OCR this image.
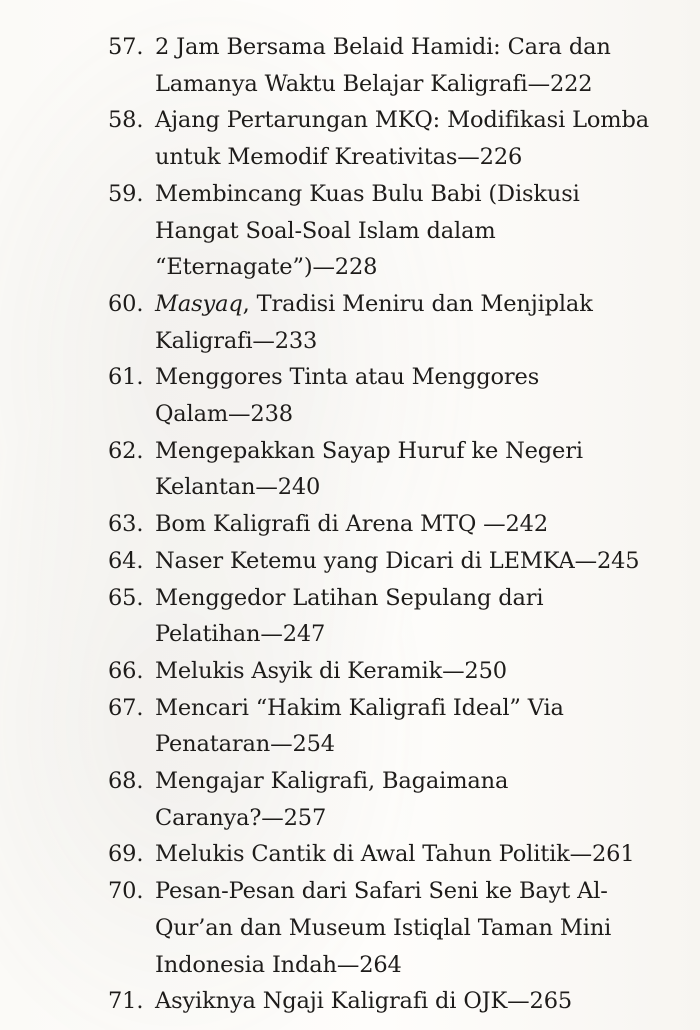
57. 2 Jam Bersama Belaid Hamidi: Cara dan
Lamanya Waktu Belajar Kaligrafi—222
58. Ajang Pertarungan MKQ: Modifikasi Lomba
untuk Memodif Kreativitas—226
59. Membincang Kuas Bulu Babi (Diskusi
Hangat Soal-Soal Islam dalam
“Eternagate”)—228
60. Masyaq, Tradisi Meniru dan Menjiplak
Kaligrafi—233
61. Menggores Tinta atau Menggores
Qalam—238
62. Mengepakkan Sayap Huruf ke Negeri
Kelantan—240
63. Bom Kaligrafi di Arena MTQ —242
64. Naser Ketemu yang Dicari di LEMKA—245
65. Menggedor Latihan Sepulang dari
Pelatihan—247
66. Melukis Asyik di Keramik—250
67. Mencari “Hakim Kaligrafi Ideal” Via
Penataran—254
68. Mengajar Kaligrafi, Bagaimana
Caranya?—257
69. Melukis Cantik di Awal Tahun Politik—261
70. Pesan-Pesan dari Safari Seni ke Bayt Al-
Qur’an dan Museum Istiqlal Taman Mini
Indonesia Indah—264
71. Asyiknya Ngaji Kaligrafi di OJK—265
